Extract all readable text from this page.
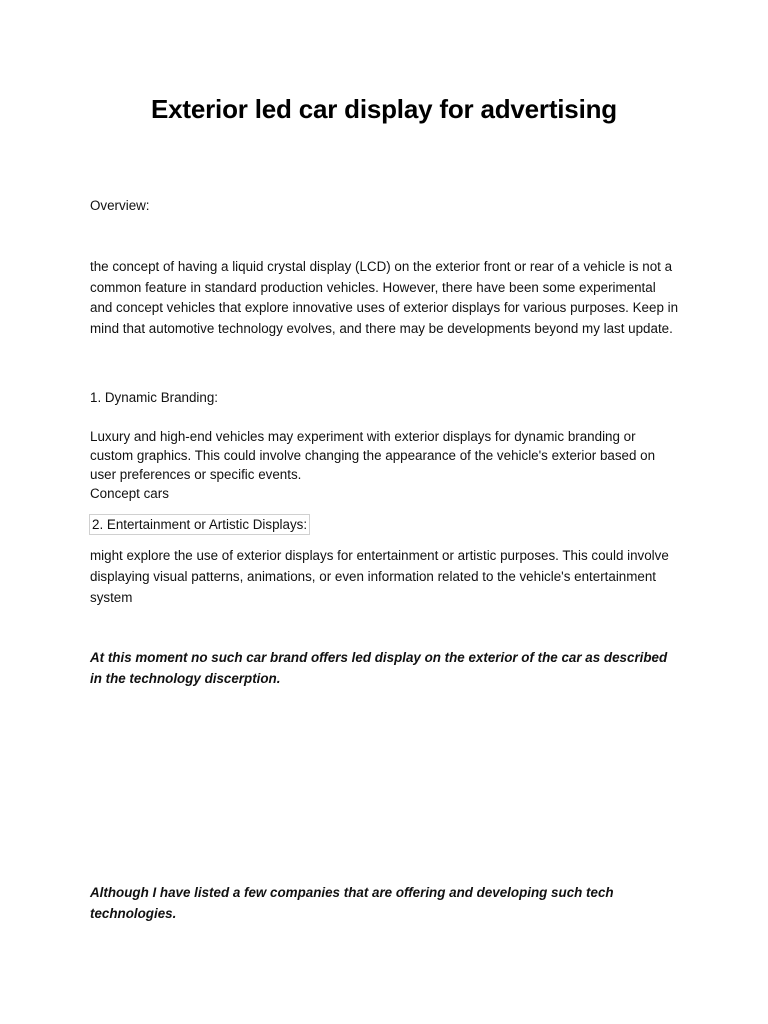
Exterior led car display for advertising
Overview:
the concept of having a liquid crystal display (LCD) on the exterior front or rear of a vehicle is not a common feature in standard production vehicles. However, there have been some experimental and concept vehicles that explore innovative uses of exterior displays for various purposes. Keep in mind that automotive technology evolves, and there may be developments beyond my last update.
1. Dynamic Branding:
Luxury and high-end vehicles may experiment with exterior displays for dynamic branding or custom graphics. This could involve changing the appearance of the vehicle's exterior based on user preferences or specific events.
Concept cars
2. Entertainment or Artistic Displays:
might explore the use of exterior displays for entertainment or artistic purposes. This could involve displaying visual patterns, animations, or even information related to the vehicle's entertainment system
At this moment no such car brand offers led display on the exterior of the car as described in the technology discerption.
Although I have listed a few companies that are offering and developing such tech technologies.
